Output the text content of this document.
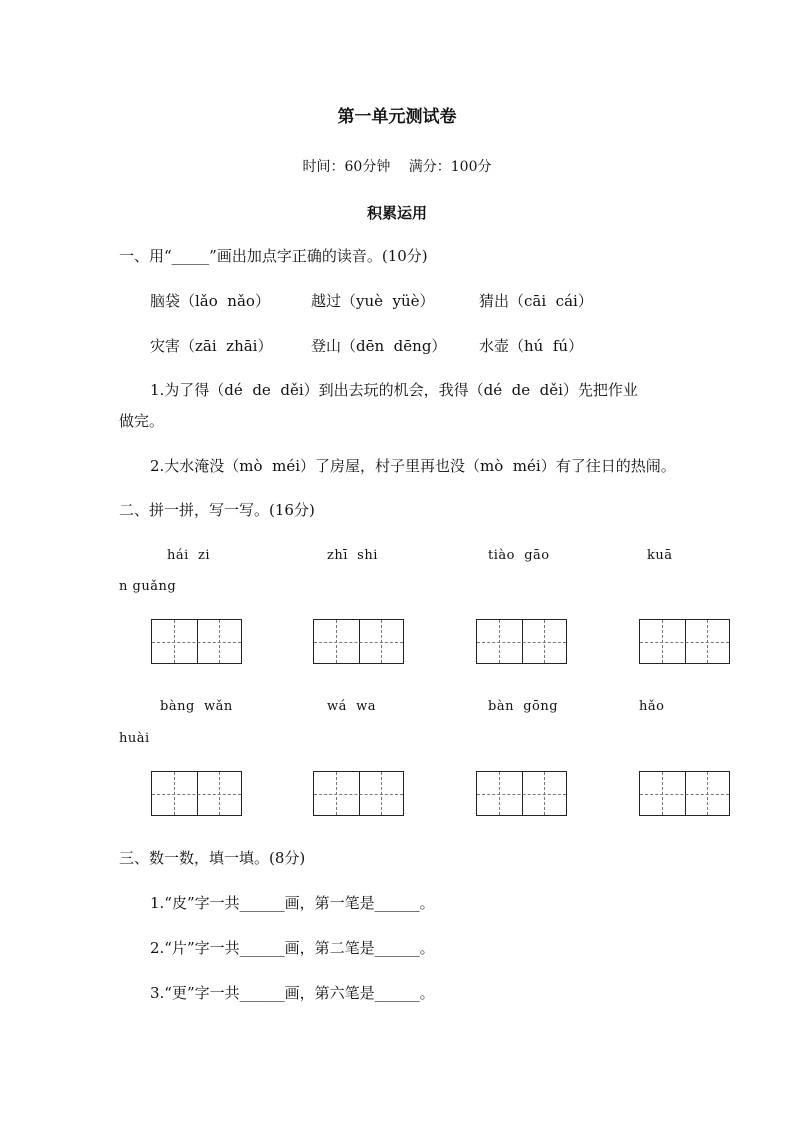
第一单元测试卷
时间：60分钟　 满分：100分
积累运用
一、用“_____”画出加点字正确的读音。(10分)
脑袋（lǎo  nǎo）	越过（yuè  yüè）	猜出（cāi  cái）
灾害（zāi  zhāi）	登山（dēn  dēng） 水壶（hú  fú）
1.为了得（dé  de  děi）到出去玩的机会，我得（dé  de  děi）先把作业
做完。
2.大水淹没（mò  méi）了房屋，村子里再也没（mò  méi）有了往日的热闹。
二、拼一拼，写一写。(16分)
hái  zi	zhī  shi	tiào  gāo	kuā
n guǎng
bàng  wǎn	wá  wa	bàn  gōng	hǎo
huài
三、数一数，填一填。(8分)
1.“皮”字一共______画，第一笔是______。
2.“片”字一共______画，第二笔是______。
3.“更”字一共______画，第六笔是______。
